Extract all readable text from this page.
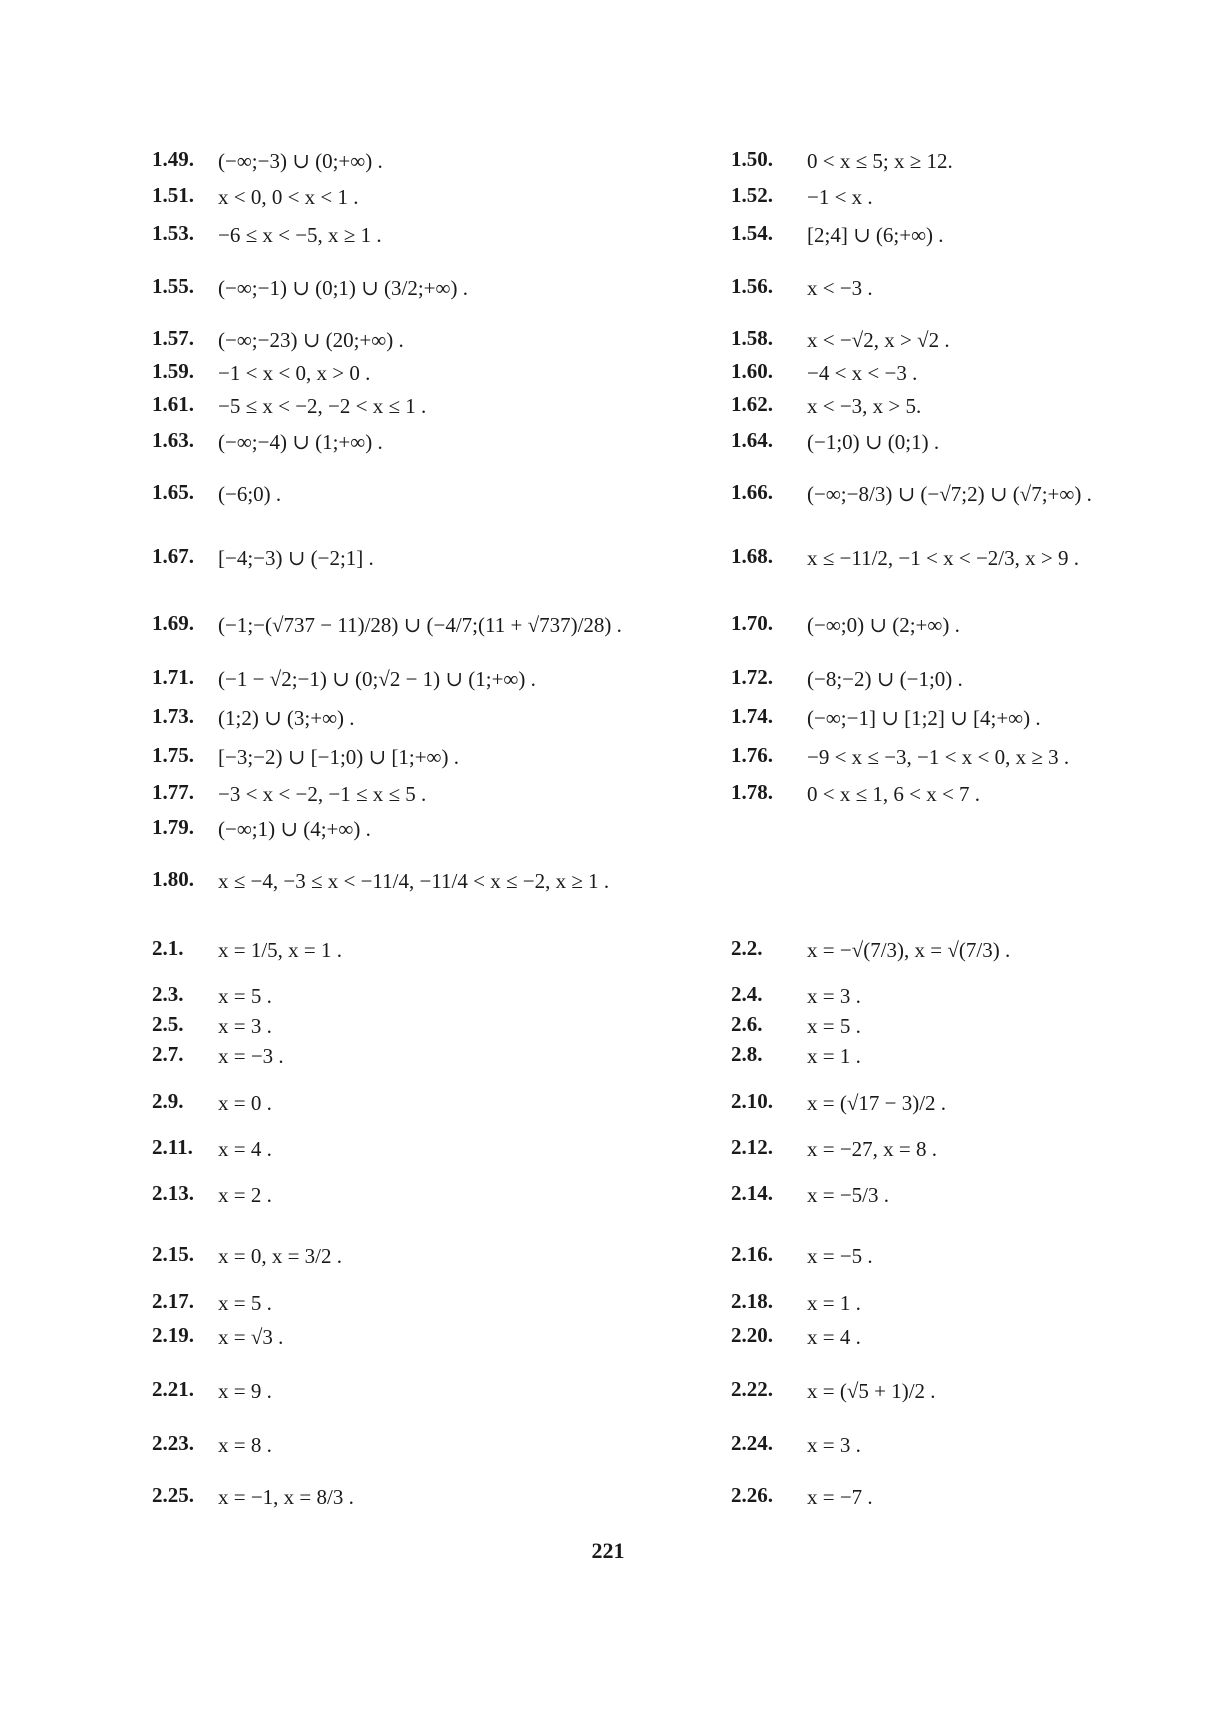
1.49. (−∞;−3) ∪ (0;+∞) .
1.51. x < 0, 0 < x < 1 .
1.53. −6 ≤ x < −5, x ≥ 1 .
1.55. (−∞;−1) ∪ (0;1) ∪ (3/2;+∞) .
1.57. (−∞;−23) ∪ (20;+∞) .
1.59. −1 < x < 0, x > 0 .
1.61. −5 ≤ x < −2, −2 < x ≤ 1 .
1.63. (−∞;−4) ∪ (1;+∞) .
1.65. (−6;0) .
1.67. [−4;−3) ∪ (−2;1] .
1.69. (−1;−(√737 − 11)/28) ∪ (−4/7;(11 + √737)/28) .
1.71. (−1 − √2;−1) ∪ (0;√2 − 1) ∪ (1;+∞) .
1.73. (1;2) ∪ (3;+∞) .
1.75. [−3;−2) ∪ [−1;0) ∪ [1;+∞) .
1.77. −3 < x < −2, −1 ≤ x ≤ 5 .
1.79. (−∞;1) ∪ (4;+∞) .
1.80. x ≤ −4, −3 ≤ x < −11/4, −11/4 < x ≤ −2, x ≥ 1 .
2.1. x = 1/5, x = 1 .
2.3. x = 5 .
2.5. x = 3 .
2.7. x = −3 .
2.9. x = 0 .
2.11. x = 4 .
2.13. x = 2 .
2.15. x = 0, x = 3/2 .
2.17. x = 5 .
2.19. x = √3 .
2.21. x = 9 .
2.23. x = 8 .
2.25. x = −1, x = 8/3 .
1.50. 0 < x ≤ 5; x ≥ 12.
1.52. −1 < x .
1.54. [2;4] ∪ (6;+∞) .
1.56. x < −3 .
1.58. x < −√2, x > √2 .
1.60. −4 < x < −3 .
1.62. x < −3, x > 5.
1.64. (−1;0) ∪ (0;1) .
1.66. (−∞;−8/3) ∪ (−√7;2) ∪ (√7;+∞) .
1.68. x ≤ −11/2, −1 < x < −2/3, x > 9 .
1.70. (−∞;0) ∪ (2;+∞) .
1.72. (−8;−2) ∪ (−1;0) .
1.74. (−∞;−1] ∪ [1;2] ∪ [4;+∞) .
1.76. −9 < x ≤ −3, −1 < x < 0, x ≥ 3 .
1.78. 0 < x ≤ 1, 6 < x < 7 .
2.2. x = −√(7/3), x = √(7/3) .
2.4. x = 3 .
2.6. x = 5 .
2.8. x = 1 .
2.10. x = (√17 − 3)/2 .
2.12. x = −27, x = 8 .
2.14. x = −5/3 .
2.16. x = −5 .
2.18. x = 1 .
2.20. x = 4 .
2.22. x = (√5 + 1)/2 .
2.24. x = 3 .
2.26. x = −7 .
221
